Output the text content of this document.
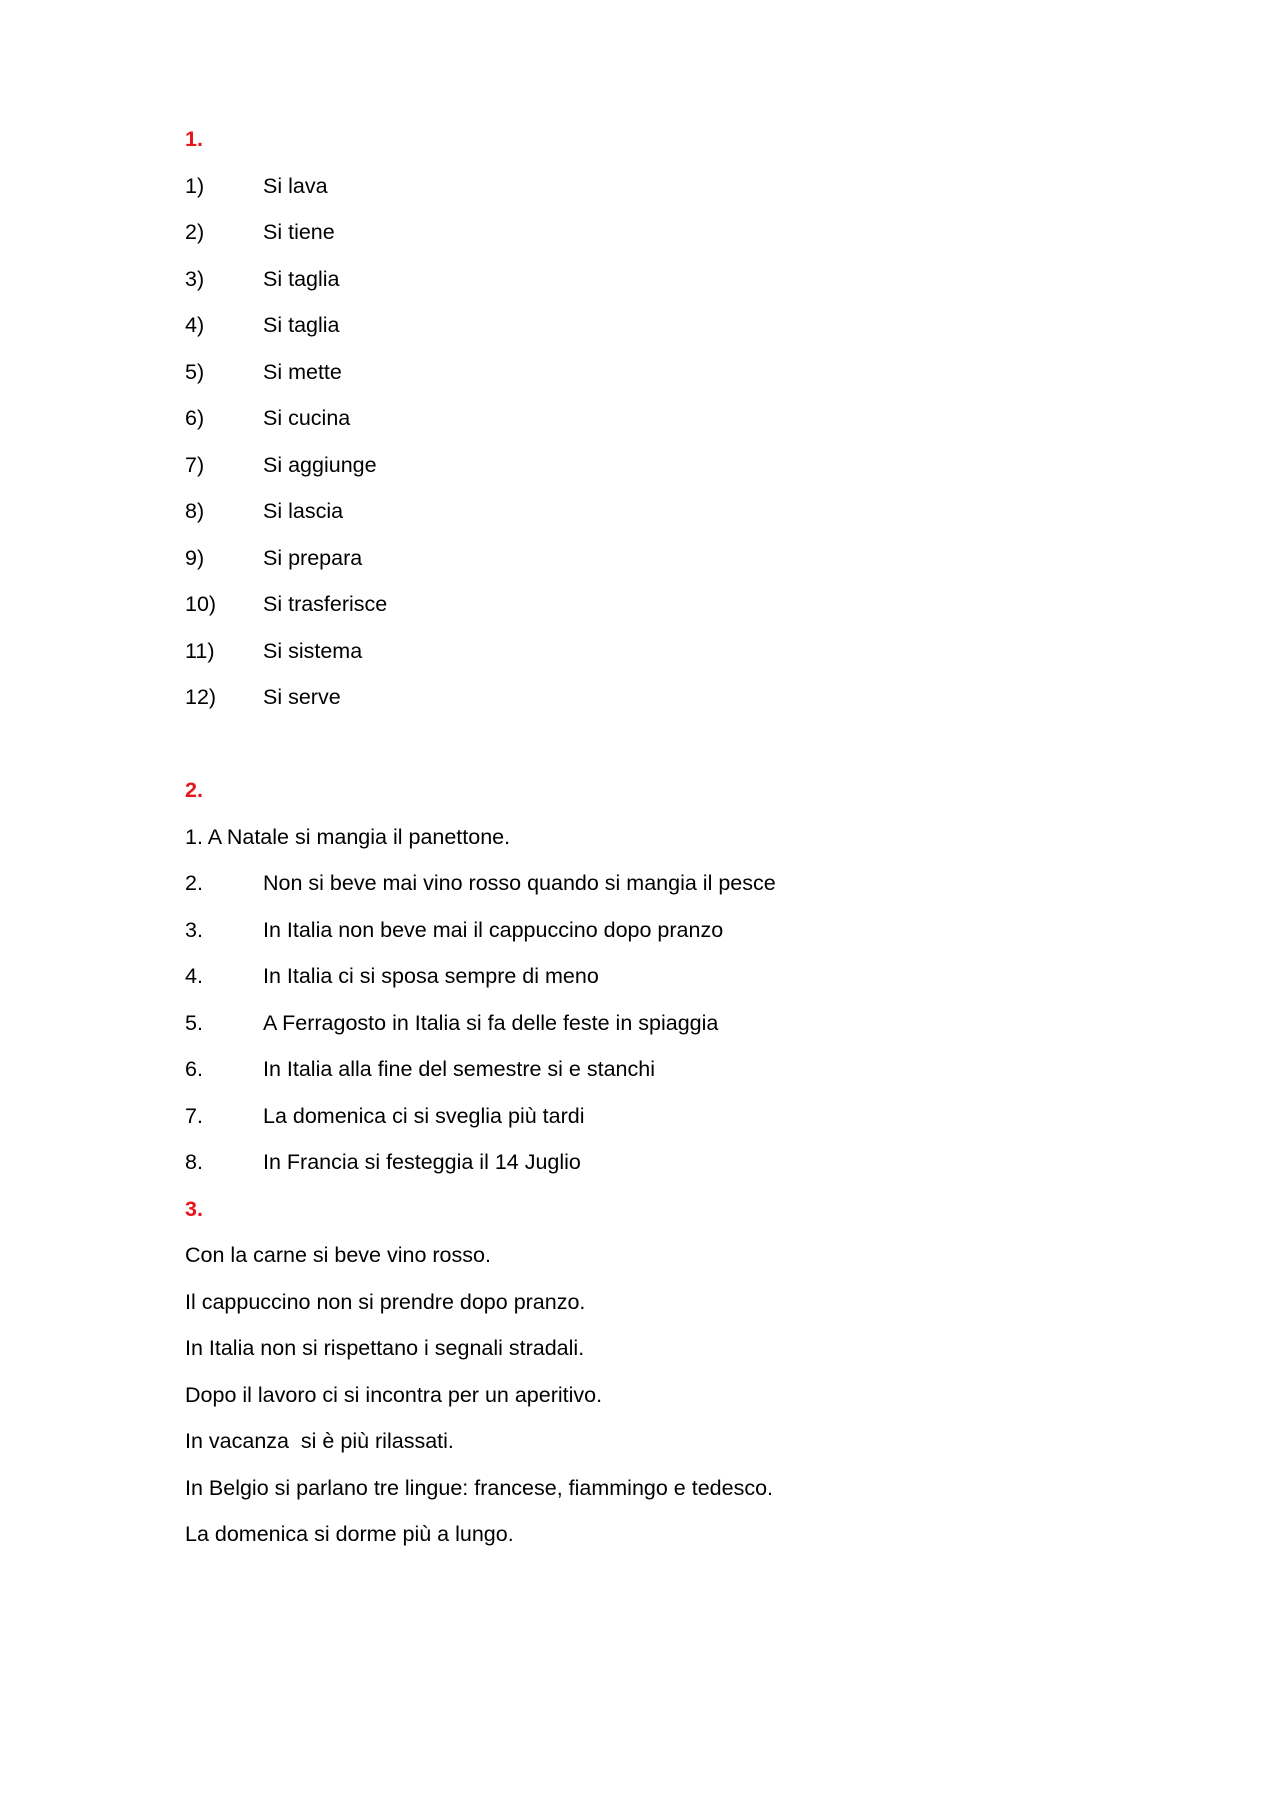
1.
1)	Si lava
2)	Si tiene
3)	Si taglia
4)	Si taglia
5)	Si mette
6)	Si cucina
7)	Si aggiunge
8)	Si lascia
9)	Si prepara
10) Si trasferisce
11) Si sistema
12) Si serve
2.
1. A Natale si mangia il panettone.
2.	Non si beve mai vino rosso quando si mangia il pesce
3.	In Italia non beve mai il cappuccino dopo pranzo
4.	In Italia ci si sposa sempre di meno
5.	A Ferragosto in Italia si fa delle feste in spiaggia
6.	In Italia alla fine del semestre si e stanchi
7.	La domenica ci si sveglia più tardi
8.	In Francia si festeggia il 14 Juglio
3.
Con la carne si beve vino rosso.
Il cappuccino non si prendre dopo pranzo.
In Italia non si rispettano i segnali stradali.
Dopo il lavoro ci si incontra per un aperitivo.
In vacanza  si è più rilassati.
In Belgio si parlano tre lingue: francese, fiammingo e tedesco.
La domenica si dorme più a lungo.
